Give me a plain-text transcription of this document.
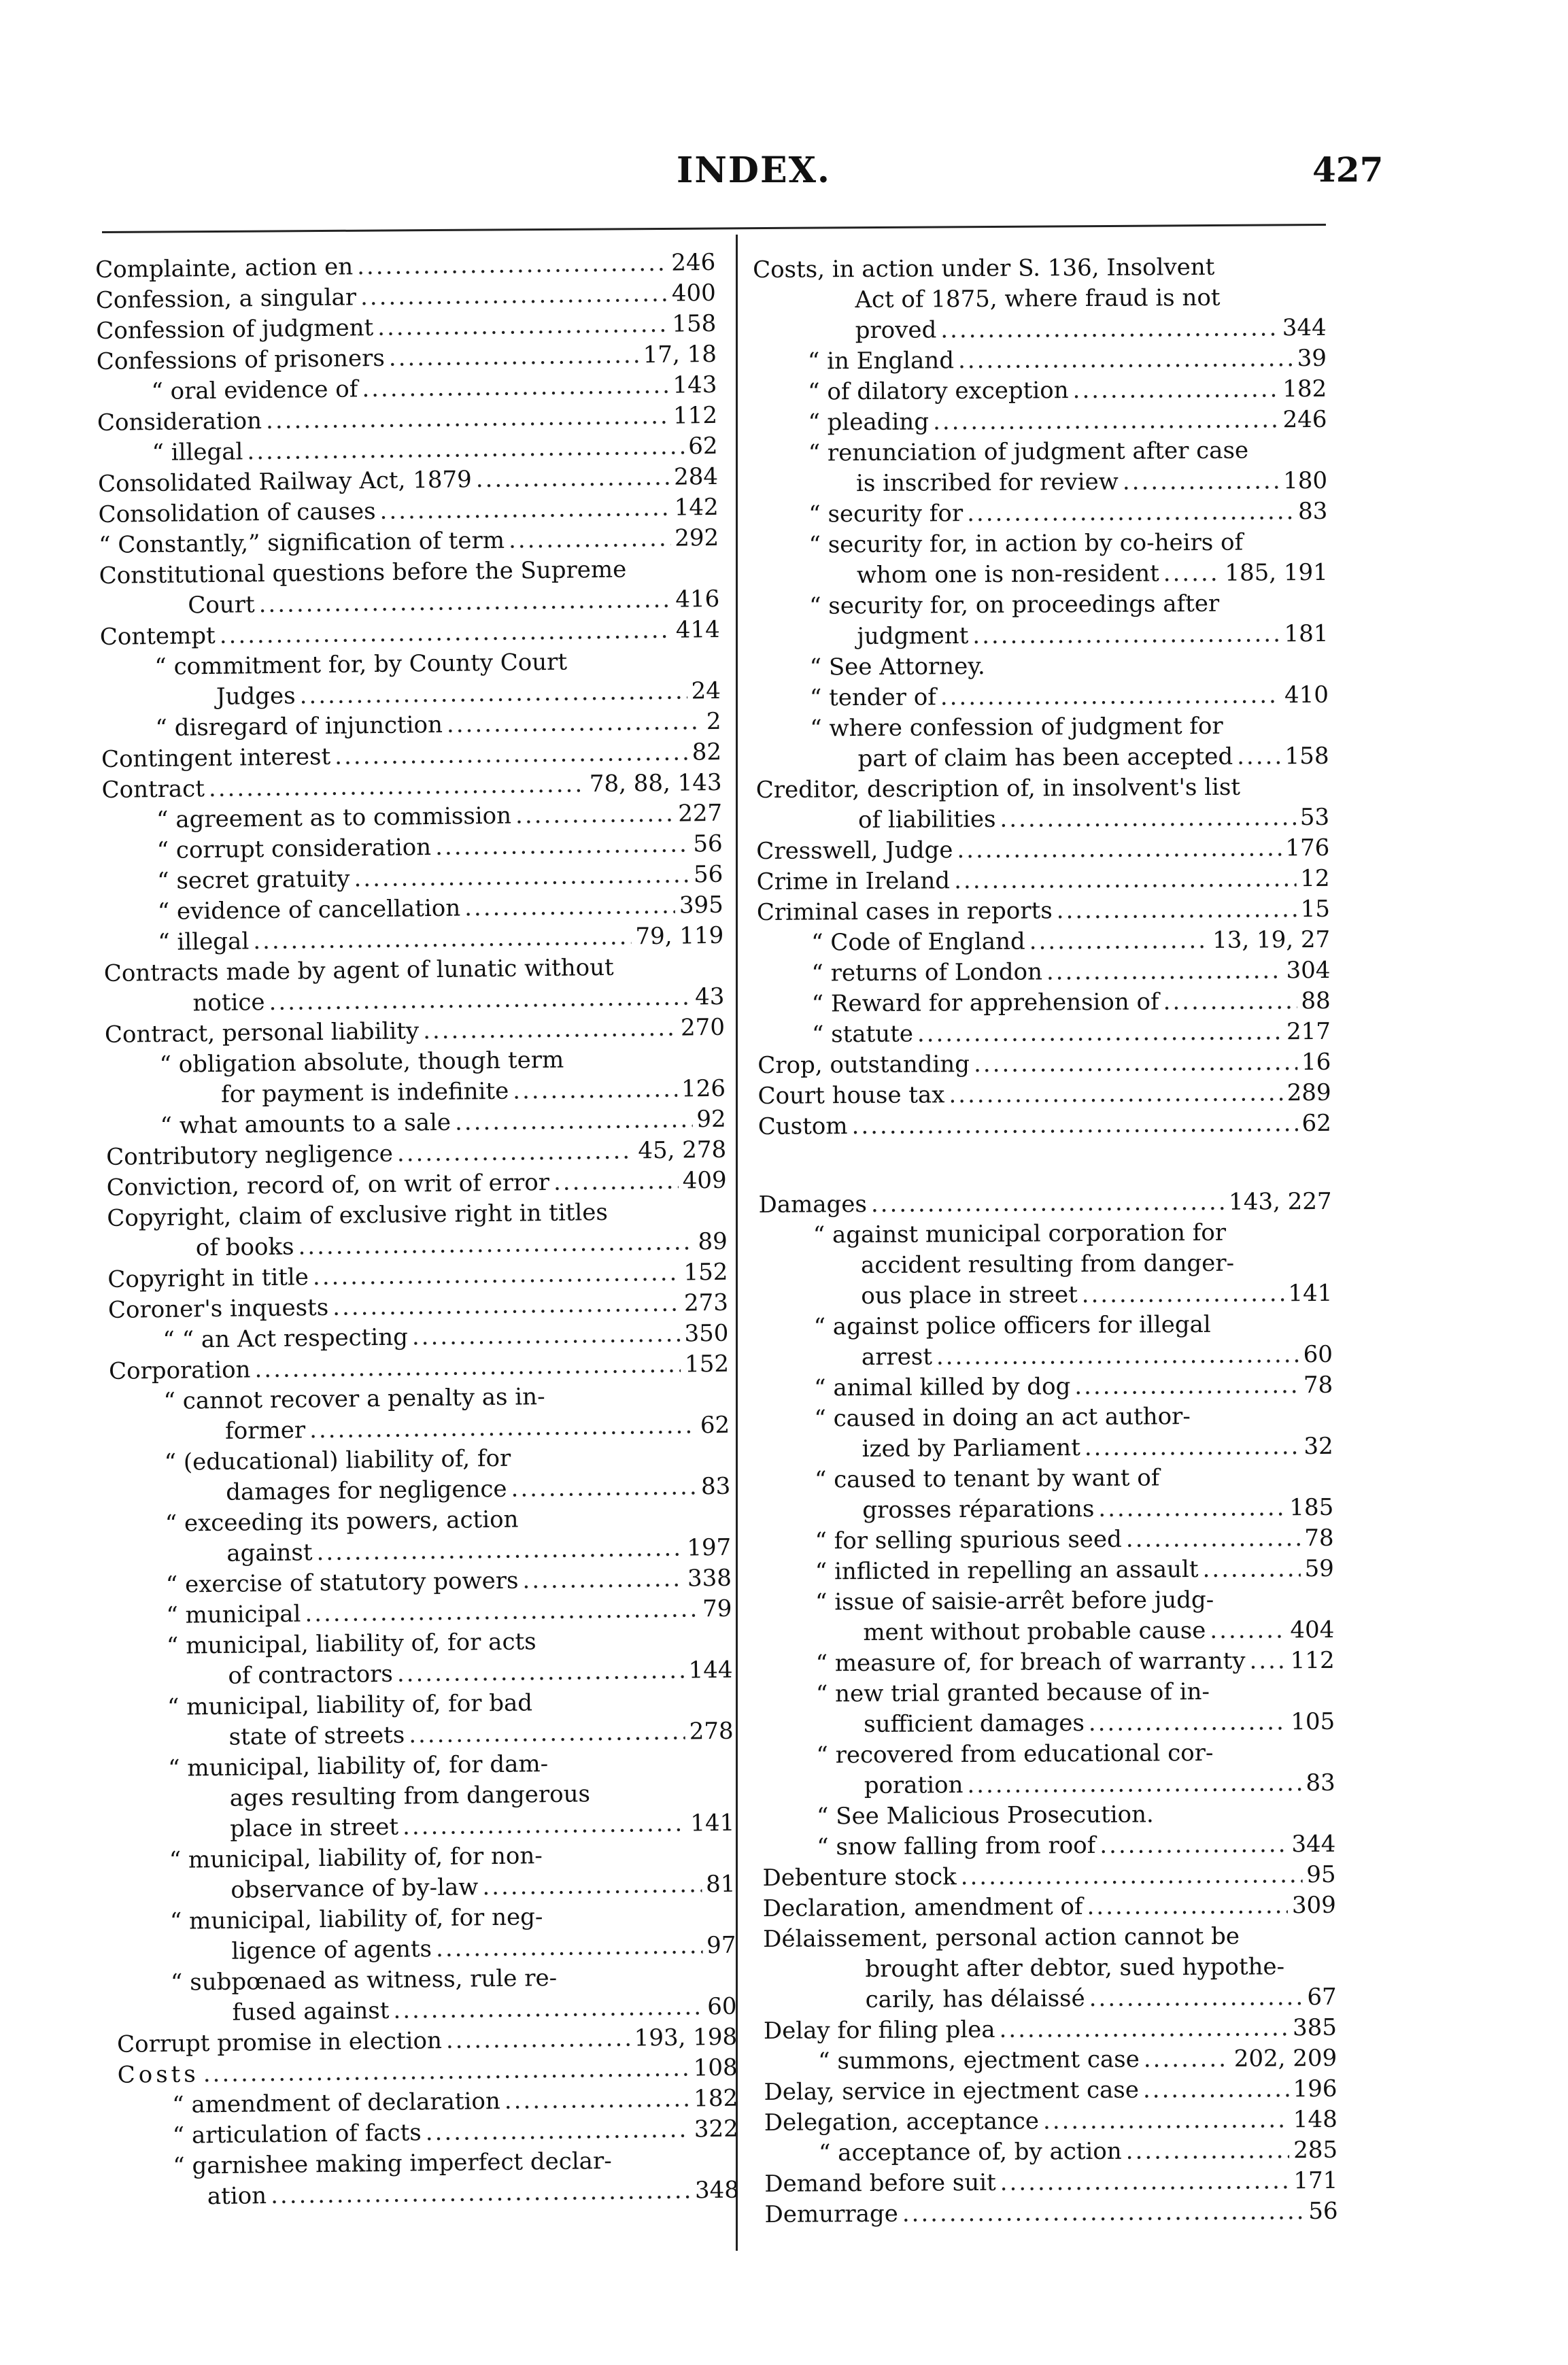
INDEX.	427
Complainte, action en .....	246
Confession, a singular .....	400
Confession of judgment .....	158
Confessions of prisoners .....	17, 18
“ oral evidence of .....	143
Consideration .....	112
“ illegal .....	62
Consolidated Railway Act, 1879 .....	284
Consolidation of causes .....	142
“ Constantly,” signification of term .....	292
Constitutional questions before the Supreme
Court .....	416
Contempt .....	414
“ commitment for, by County Court
Judges .....	24
“ disregard of injunction .....	2
Contingent interest .....	82
Contract .....	78, 88, 143
“ agreement as to commission .....	227
“ corrupt consideration .....	56
“ secret gratuity .....	56
“ evidence of cancellation .....	395
“ illegal .....	79, 119
Contracts made by agent of lunatic without
notice .....	43
Contract, personal liability .....	270
“ obligation absolute, though term
for payment is indefinite .....	126
“ what amounts to a sale .....	92
Contributory negligence .....	45, 278
Conviction, record of, on writ of error .....	409
Copyright, claim of exclusive right in titles
of books .....	89
Copyright in title .....	152
Coroner's inquests .....	273
“ “ an Act respecting .....	350
Corporation .....	152
“ cannot recover a penalty as in-
former .....	62
“ (educational) liability of, for
damages for negligence .....	83
“ exceeding its powers, action
against .....	197
“ exercise of statutory powers .....	338
“ municipal .....	79
“ municipal, liability of, for acts
of contractors .....	144
“ municipal, liability of, for bad
state of streets .....	278
“ municipal, liability of, for dam-
ages resulting from dangerous
place in street .....	141
“ municipal, liability of, for non-
observance of by-law .....	81
“ municipal, liability of, for neg-
ligence of agents .....	97
“ subpœnaed as witness, rule re-
fused against .....	60
Corrupt promise in election .....	193, 198
Costs .....	108
“ amendment of declaration .....	182
“ articulation of facts .....	322
“ garnishee making imperfect declar-
ation .....	348
Costs, in action under S. 136, Insolvent
Act of 1875, where fraud is not
proved .....	344
“ in England .....	39
“ of dilatory exception .....	182
“ pleading .....	246
“ renunciation of judgment after case
is inscribed for review .....	180
“ security for .....	83
“ security for, in action by co-heirs of
whom one is non-resident .....	185, 191
“ security for, on proceedings after
judgment .....	181
“ See Attorney.
“ tender of .....	410
“ where confession of judgment for
part of claim has been accepted ..... 158
Creditor, description of, in insolvent's list
of liabilities .....	53
Cresswell, Judge .....	176
Crime in Ireland .....	12
Criminal cases in reports .....	15
“ Code of England .....	13, 19, 27
“ returns of London .....	304
“ Reward for apprehension of .....	88
“ statute .....	217
Crop, outstanding .....	16
Court house tax .....	289
Custom .....	62
Damages .....	143, 227
“ against municipal corporation for
accident resulting from danger-
ous place in street .....	141
“ against police officers for illegal
arrest .....	60
“ animal killed by dog .....	78
“ caused in doing an act author-
ized by Parliament .....	32
“ caused to tenant by want of
grosses réparations .....	185
“ for selling spurious seed .....	78
“ inflicted in repelling an assault .....	59
“ issue of saisie-arrêt before judg-
ment without probable cause .....	404
“ measure of, for breach of warranty ..... 112
“ new trial granted because of in-
sufficient damages .....	105
“ recovered from educational cor-
poration .....	83
“ See Malicious Prosecution.
“ snow falling from roof .....	344
Debenture stock .....	95
Declaration, amendment of .....	309
Délaissement, personal action cannot be
brought after debtor, sued hypothe-
carily, has délaissé .....	67
Delay for filing plea .....	385
“ summons, ejectment case .....	202, 209
Delay, service in ejectment case .....	196
Delegation, acceptance .....	148
“ acceptance of, by action .....	285
Demand before suit .....	171
Demurrage .....	56
